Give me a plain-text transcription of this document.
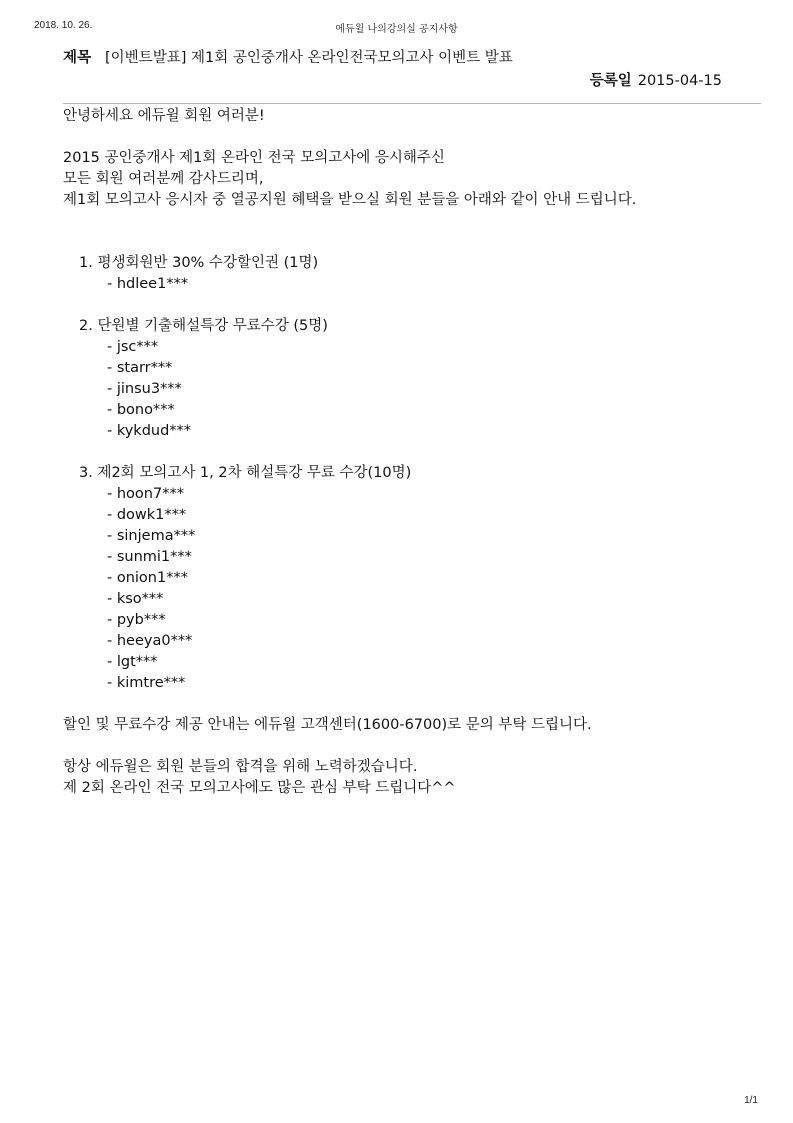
2018. 10. 26.	에듀윌 나의강의실 공지사항
제목 [이벤트발표] 제1회 공인중개사 온라인전국모의고사 이벤트 발표
등록일 2015-04-15

안녕하세요 에듀윌 회원 여러분!

2015 공인중개사 제1회 온라인 전국 모의고사에 응시해주신

모든 회원 여러분께 감사드리며,

제1회 모의고사 응시자 중 열공지원 혜택을 받으실 회원 분들을 아래와 같이 안내 드립니다.

1. 평생회원반 30% 수강할인권 (1명)

- hdlee1***

2. 단원별 기출해설특강 무료수강 (5명)

- jsc***

- starr***

- jinsu3***

- bono***

- kykdud***

3. 제2회 모의고사 1, 2차 해설특강 무료 수강(10명)

- hoon7***

- dowk1***

- sinjema***

- sunmi1***

- onion1***

- kso***

- pyb***

- heeya0***

- lgt***

- kimtre***

할인 및 무료수강 제공 안내는 에듀윌 고객센터(1600-6700)로 문의 부탁 드립니다.

항상 에듀윌은 회원 분들의 합격을 위해 노력하겠습니다.

제 2회 온라인 전국 모의고사에도 많은 관심 부탁 드립니다^^

1/1
